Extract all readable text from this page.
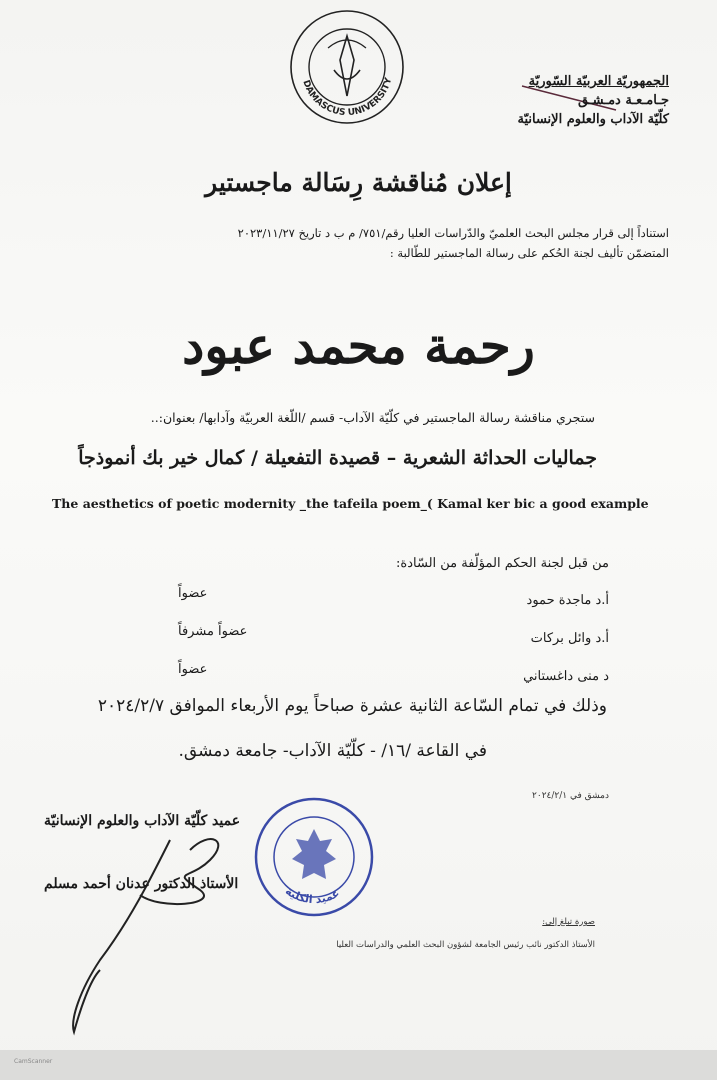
DAMASCUS UNIVERSITY	الجمهوريّة العربيّة السّوريّة
جـامـعـة دمـشـق
كلّيّة الآداب والعلوم الإنسانيّة
إعلان مُناقشة رِسَالة ماجستير
استناداً إلى قرار مجلس البحث العلميّ والدّراسات العليا رقم/٧٥١/ م ب د تاريخ ٢٠٢٣/١١/٢٧
المتضمّن تأليف لجنة الحُكم على رسالة الماجستير للطّالبة :
رحمة محمد عبود
ستجري مناقشة رسالة الماجستير في كلّيّة الآداب- قسم /اللّغة العربيّة وآدابها/ بعنوان:..
جماليات الحداثة الشعرية – قصيدة التفعيلة / كمال خير بك أنموذجاً
The aesthetics of poetic modernity _the tafeila poem_( Kamal ker bic a good example
من قبل لجنة الحكم المؤلّفة من السّادة:
أ.د ماجدة حمود
عضواً
أ.د وائل بركات
عضواً مشرفاً
د منى داغستاني
عضواً
وذلك في تمام السّاعة الثانية عشرة صباحاً يوم الأربعاء الموافق ٢٠٢٤/٢/٧
في القاعة /١٦/ - كلّيّة الآداب- جامعة دمشق.
دمشق في ٢٠٢٤/٢/١
عميد كلّيّة الآداب والعلوم الإنسانيّة
الأستاذ الدكتور عدنان أحمد مسلم	عميد الكلية
صورة تبلغ إلى:
الأستاذ الدكتور نائب رئيس الجامعة لشؤون البحث العلمي والدراسات العليا
CamScanner
